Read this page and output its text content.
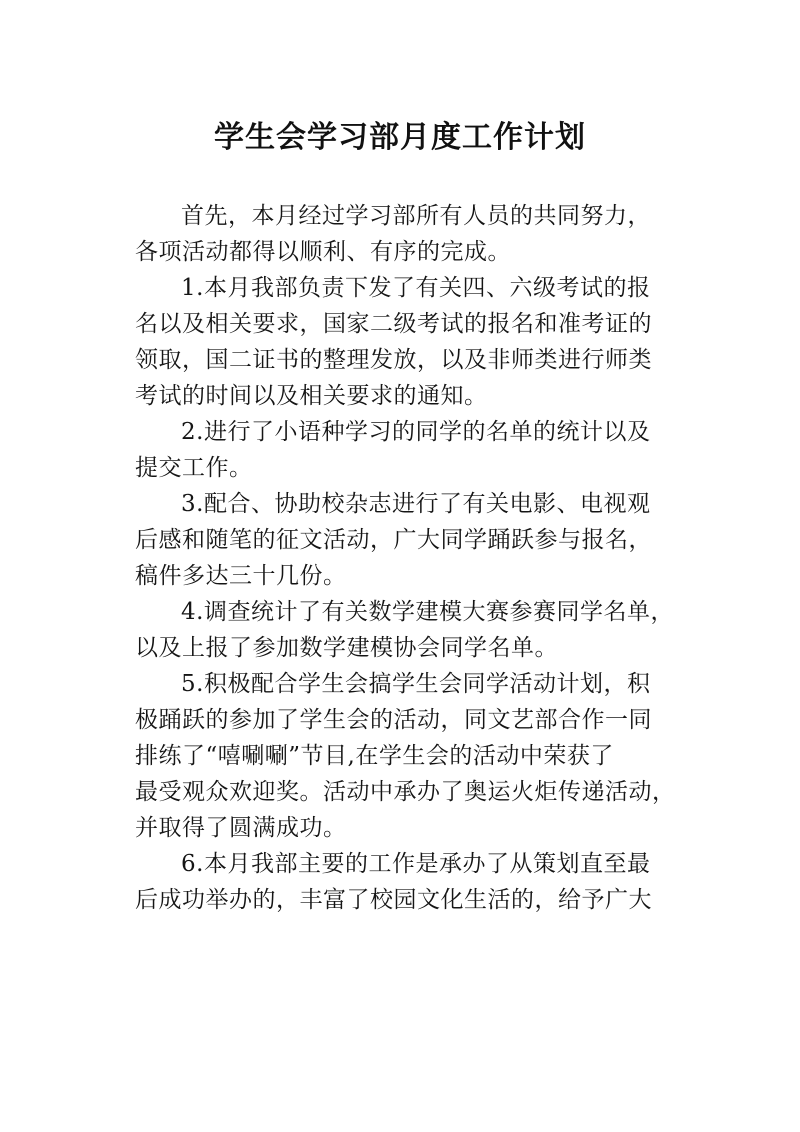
学生会学习部月度工作计划

首先，本月经过学习部所有人员的共同努力，
各项活动都得以顺利、有序的完成。

1.本月我部负责下发了有关四、六级考试的报
名以及相关要求，国家二级考试的报名和准考证的
领取，国二证书的整理发放，以及非师类进行师类
考试的时间以及相关要求的通知。

2.进行了小语种学习的同学的名单的统计以及
提交工作。

3.配合、协助校杂志进行了有关电影、电视观
后感和随笔的征文活动，广大同学踊跃参与报名，
稿件多达三十几份。

4.调查统计了有关数学建模大赛参赛同学名单，
以及上报了参加数学建模协会同学名单。

5.积极配合学生会搞学生会同学活动计划，积
极踊跃的参加了学生会的活动，同文艺部合作一同
排练了“嘻唰唰”节目,在学生会的活动中荣获了
最受观众欢迎奖。活动中承办了奥运火炬传递活动，
并取得了圆满成功。

6.本月我部主要的工作是承办了从策划直至最
后成功举办的，丰富了校园文化生活的，给予广大
